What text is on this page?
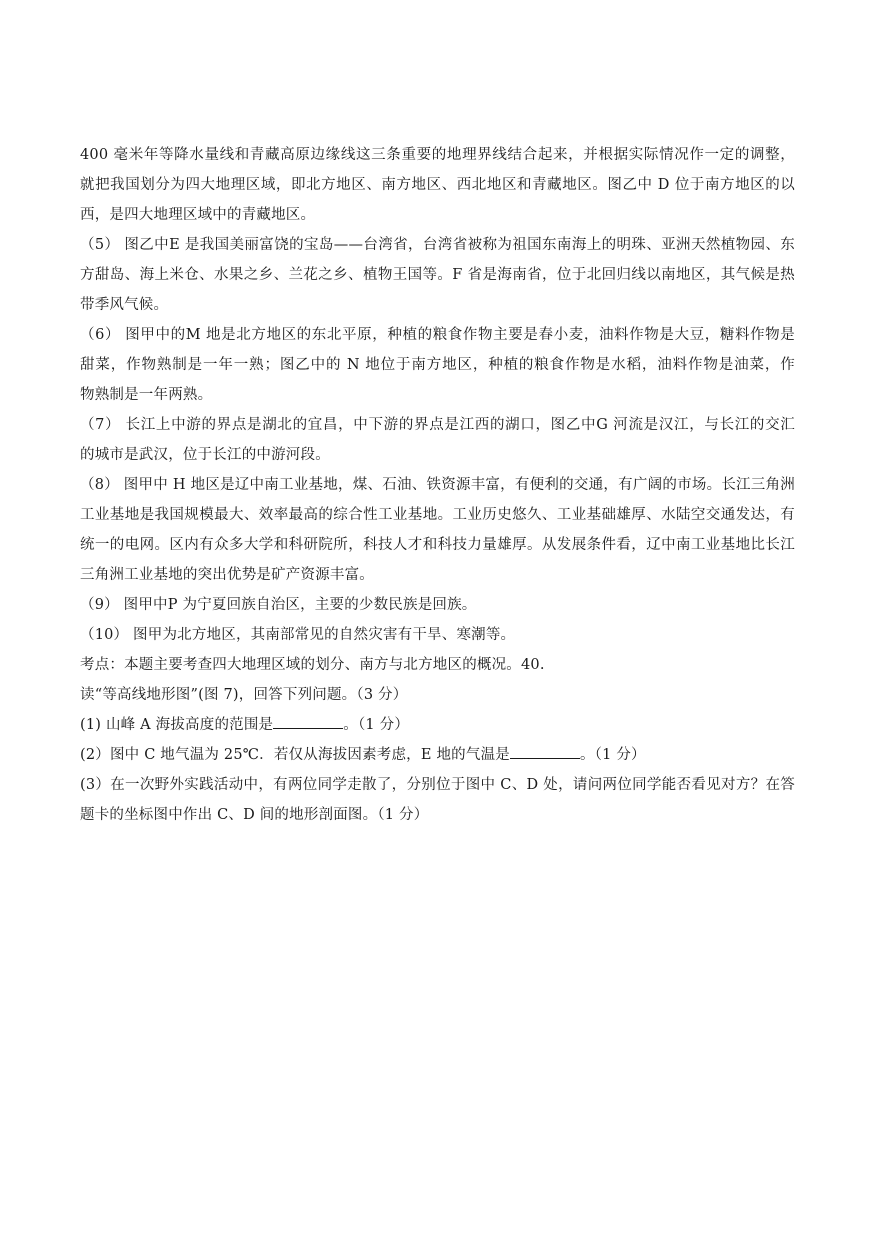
400 毫米年等降水量线和青藏高原边缘线这三条重要的地理界线结合起来，并根据实际情况作一定的调整，
就把我国划分为四大地理区域，即北方地区、南方地区、西北地区和青藏地区。图乙中 D 位于南方地区的以
西，是四大地理区域中的青藏地区。
（5） 图乙中E 是我国美丽富饶的宝岛——台湾省，台湾省被称为祖国东南海上的明珠、亚洲天然植物园、东
方甜岛、海上米仓、水果之乡、兰花之乡、植物王国等。F 省是海南省，位于北回归线以南地区，其气候是热
带季风气候。
（6） 图甲中的M 地是北方地区的东北平原，种植的粮食作物主要是春小麦，油料作物是大豆，糖料作物是
甜菜，作物熟制是一年一熟；图乙中的 N 地位于南方地区，种植的粮食作物是水稻，油料作物是油菜，作
物熟制是一年两熟。
（7） 长江上中游的界点是湖北的宜昌，中下游的界点是江西的湖口，图乙中G 河流是汉江，与长江的交汇
的城市是武汉，位于长江的中游河段。
（8） 图甲中 H 地区是辽中南工业基地，煤、石油、铁资源丰富，有便利的交通，有广阔的市场。长江三角洲
工业基地是我国规模最大、效率最高的综合性工业基地。工业历史悠久、工业基础雄厚、水陆空交通发达，有
统一的电网。区内有众多大学和科研院所，科技人才和科技力量雄厚。从发展条件看，辽中南工业基地比长江
三角洲工业基地的突出优势是矿产资源丰富。
（9） 图甲中P 为宁夏回族自治区，主要的少数民族是回族。
（10） 图甲为北方地区，其南部常见的自然灾害有干旱、寒潮等。
考点：本题主要考查四大地理区域的划分、南方与北方地区的概况。40.
读“等高线地形图”(图 7)，回答下列问题。（3 分）
(1) 山峰 A 海拔高度的范围是	。（1 分）
(2）图中 C 地气温为 25℃．若仅从海拔因素考虑，E 地的气温是	。（1 分）
(3）在一次野外实践活动中，有两位同学走散了，分别位于图中 C、D 处，请问两位同学能否看见对方？在答
题卡的坐标图中作出 C、D 间的地形剖面图。（1 分）
